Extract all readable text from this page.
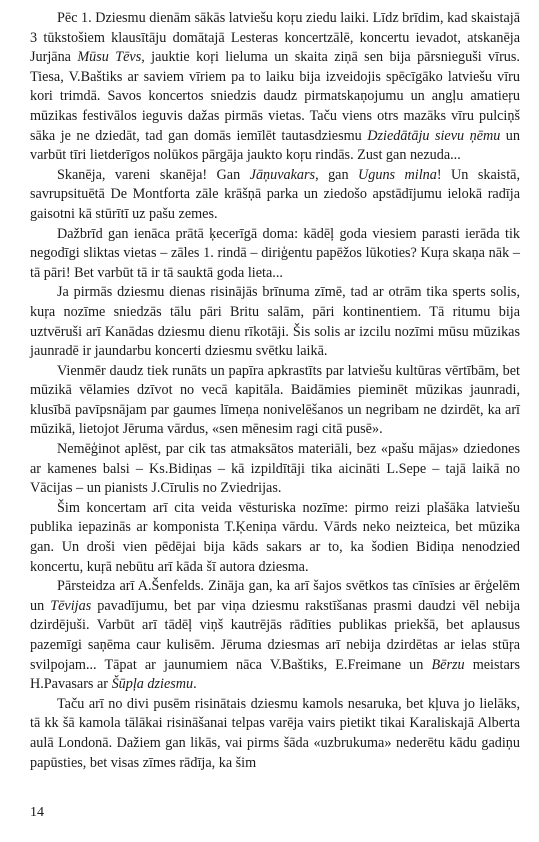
Pēc 1. Dziesmu dienām sākās latviešu koŗu ziedu laiki. Līdz brīdim, kad skaistajā 3 tūkstošiem klausītāju domātajā Lesteras koncertzālē, koncertu ievadot, atskanēja Jurjāna Mūsu Tēvs, jauktie koŗi lieluma un skaita ziņā sen bija pārsnieguši vīrus. Tiesa, V.Baštiks ar saviem vīriem pa to laiku bija izveidojis spēcīgāko latviešu vīru kori trimdā. Savos koncertos sniedzis daudz pirmatskaņojumu un angļu amatieŗu mūzikas festivālos ieguvis dažas pirmās vietas. Taču viens otrs mazāks vīru pulciņš sāka je ne dziedāt, tad gan domās iemīlēt tautasdziesmu Dziedātāju sievu ņēmu un varbūt tīri lietderīgos nolūkos pārgāja jaukto koŗu rindās. Zust gan nezuda...

Skanēja, vareni skanēja! Gan Jāņuvakars, gan Uguns milna! Un skaistā, savrupsituētā De Montforta zāle krāšņā parka un ziedošo apstādījumu ielokā radīja gaisotni kā stūrītī uz pašu zemes.

Dažbrīd gan ienāca prātā ķecerīgā doma: kādēļ goda viesiem parasti ierāda tik negodīgi sliktas vietas – zāles 1. rindā – diriģentu papēžos lūkoties? Kuŗa skaņa nāk – tā pāri! Bet varbūt tā ir tā sauktā goda lieta...

Ja pirmās dziesmu dienas risinājās brīnuma zīmē, tad ar otrām tika sperts solis, kuŗa nozīme sniedzās tālu pāri Britu salām, pāri kontinentiem. Tā ritumu bija uztvēruši arī Kanādas dziesmu dienu rīkotāji. Šis solis ar izcilu nozīmi mūsu mūzikas jaunradē ir jaundarbu koncerti dziesmu svētku laikā.

Vienmēr daudz tiek runāts un papīra apkrastīts par latviešu kultūras vērtībām, bet mūzikā vēlamies dzīvot no vecā kapitāla. Baidāmies pieminēt mūzikas jaunradi, klusībā pavīpsnājam par gaumes līmeņa nonivelēšanos un negribam ne dzirdēt, ka arī mūzikā, lietojot Jēruma vārdus, «sen mēnesim ragi citā pusē».

Nemēģinot aplēst, par cik tas atmaksātos materiāli, bez «pašu mājas» dziedones ar kamenes balsi – Ks.Bidiņas – kā izpildītāji tika aicināti L.Sepe – tajā laikā no Vācijas – un pianists J.Cīrulis no Zviedrijas.

Šim koncertam arī cita veida vēsturiska nozīme: pirmo reizi plašāka latviešu publika iepazinās ar komponista T.Ķeniņa vārdu. Vārds neko neizteica, bet mūzika gan. Un droši vien pēdējai bija kāds sakars ar to, ka šodien Bidiņa nenodzied koncertu, kuŗā nebūtu arī kāda šī autora dziesma.

Pārsteidza arī A.Šenfelds. Zināja gan, ka arī šajos svētkos tas cīnīsies ar ērģelēm un Tēvijas pavadījumu, bet par viņa dziesmu rakstīšanas prasmi daudzi vēl nebija dzirdējuši. Varbūt arī tādēļ viņš kautrējās rādīties publikas priekšā, bet aplausus pazemīgi saņēma caur kulisēm. Jēruma dziesmas arī nebija dzirdētas ar ielas stūŗa svilpojam... Tāpat ar jaunumiem nāca V.Baštiks, E.Freimane un Bērzu meistars H.Pavasars ar Šūpļa dziesmu.

Taču arī no divi pusēm risinātais dziesmu kamols nesaruka, bet kļuva jo lielāks, tā kk šā kamola tālākai risināšanai telpas varēja vairs pietikt tikai Karaliskajā Alberta aulā Londonā. Dažiem gan likās, vai pirms šāda «uzbrukuma» nederētu kādu gadiņu papūsties, bet visas zīmes rādīja, ka šim

14
